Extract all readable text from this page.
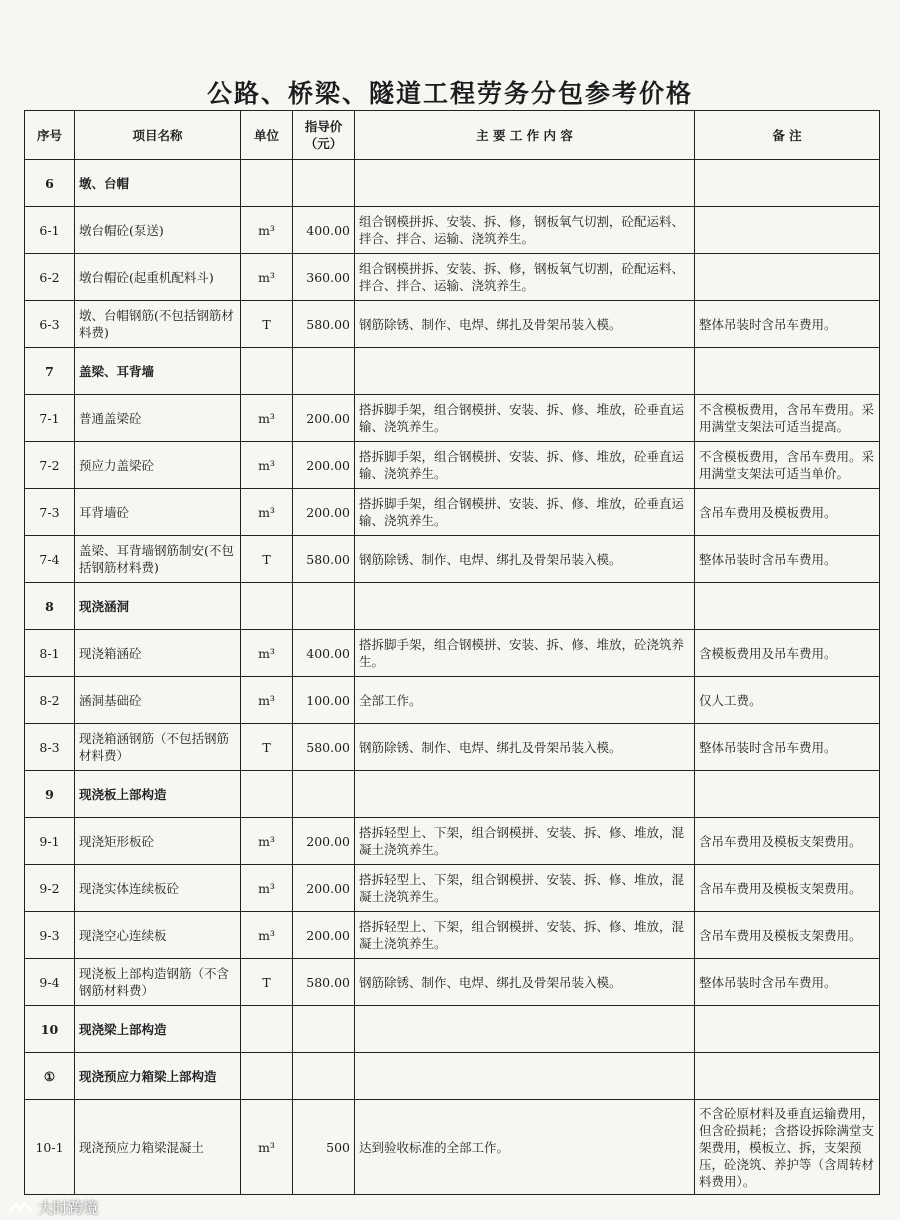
公路、桥梁、隧道工程劳务分包参考价格
序号	项目名称	单位	指导价（元）	主 要 工 作 内 容	备 注
6	墩、台帽				
6-1	墩台帽砼(泵送)	m³	400.00	组合钢模拼拆、安装、拆、修，钢板氧气切割，砼配运料、拌合、拌合、运输、浇筑养生。	
6-2	墩台帽砼(起重机配料斗)	m³	360.00	组合钢模拼拆、安装、拆、修，钢板氧气切割，砼配运料、拌合、拌合、运输、浇筑养生。	
6-3	墩、台帽钢筋(不包括钢筋材料费)	T	580.00	钢筋除锈、制作、电焊、绑扎及骨架吊装入模。	整体吊装时含吊车费用。
7	盖梁、耳背墙				
7-1	普通盖梁砼	m³	200.00	搭拆脚手架，组合钢模拼、安装、拆、修、堆放，砼垂直运输、浇筑养生。	不含模板费用，含吊车费用。采用满堂支架法可适当提高。
7-2	预应力盖梁砼	m³	200.00	搭拆脚手架，组合钢模拼、安装、拆、修、堆放，砼垂直运输、浇筑养生。	不含模板费用，含吊车费用。采用满堂支架法可适当单价。
7-3	耳背墙砼	m³	200.00	搭拆脚手架，组合钢模拼、安装、拆、修、堆放，砼垂直运输、浇筑养生。	含吊车费用及模板费用。
7-4	盖梁、耳背墙钢筋制安(不包括钢筋材料费)	T	580.00	钢筋除锈、制作、电焊、绑扎及骨架吊装入模。	整体吊装时含吊车费用。
8	现浇涵洞				
8-1	现浇箱涵砼	m³	400.00	搭拆脚手架，组合钢模拼、安装、拆、修、堆放，砼浇筑养生。	含模板费用及吊车费用。
8-2	涵洞基础砼	m³	100.00	全部工作。	仅人工费。
8-3	现浇箱涵钢筋（不包括钢筋材料费）	T	580.00	钢筋除锈、制作、电焊、绑扎及骨架吊装入模。	整体吊装时含吊车费用。
9	现浇板上部构造				
9-1	现浇矩形板砼	m³	200.00	搭拆轻型上、下架，组合钢模拼、安装、拆、修、堆放，混凝土浇筑养生。	含吊车费用及模板支架费用。
9-2	现浇实体连续板砼	m³	200.00	搭拆轻型上、下架，组合钢模拼、安装、拆、修、堆放，混凝土浇筑养生。	含吊车费用及模板支架费用。
9-3	现浇空心连续板	m³	200.00	搭拆轻型上、下架，组合钢模拼、安装、拆、修、堆放，混凝土浇筑养生。	含吊车费用及模板支架费用。
9-4	现浇板上部构造钢筋（不含钢筋材料费）	T	580.00	钢筋除锈、制作、电焊、绑扎及骨架吊装入模。	整体吊装时含吊车费用。
10	现浇梁上部构造				
①	现浇预应力箱梁上部构造				
10-1	现浇预应力箱梁混凝土	m³	500	达到验收标准的全部工作。	不含砼原材料及垂直运输费用，但含砼损耗；含搭设拆除满堂支架费用，模板立、拆，支架预压，砼浇筑、养护等（含周转材料费用）。
大时跨境
